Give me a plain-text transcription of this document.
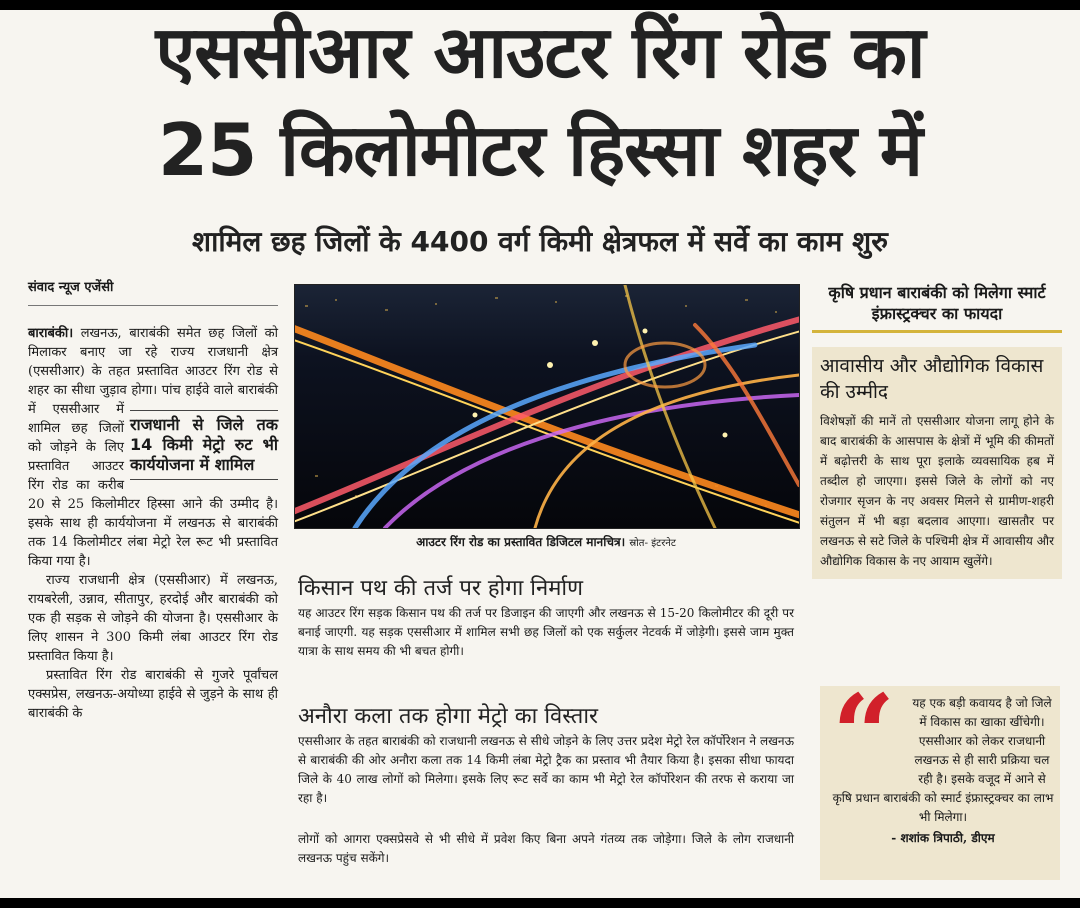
एससीआर आउटर रिंग रोड का
25 किलोमीटर हिस्सा शहर में
शामिल छह जिलों के 4400 वर्ग किमी क्षेत्रफल में सर्वे का काम शुरु
संवाद न्यूज एजेंसी

बाराबंकी। लखनऊ, बाराबंकी समेत छह जिलों को मिलाकर बनाए जा रहे राज्य राजधानी क्षेत्र (एससीआर) के तहत प्रस्तावित आउटर रिंग रोड से शहर का सीधा जुड़ाव होगा। पांच हाईवे वाले
राजधानी से जिले तक 14 किमी मेट्रो रुट भी कार्ययोजना में शामिल
बाराबंकी में एससीआर में शामिल छह जिलों को जोड़ने के लिए प्रस्तावित आउटर रिंग रोड का करीब 20 से 25 किलोमीटर हिस्सा आने की उम्मीद है। इसके साथ ही कार्ययोजना में लखनऊ से बाराबंकी तक 14 किलोमीटर लंबा मेट्रो रेल रूट भी प्रस्तावित किया गया है।

राज्य राजधानी क्षेत्र (एससीआर) में लखनऊ, रायबरेली, उन्नाव, सीतापुर, हरदोई और बाराबंकी को एक ही सड़क से जोड़ने की योजना है। एससीआर के लिए शासन ने 300 किमी लंबा आउटर रिंग रोड प्रस्तावित किया है।

प्रस्तावित रिंग रोड बाराबंकी से गुजरे पूर्वांचल एक्सप्रेस, लखनऊ-अयोध्या हाईवे से जुड़ने के साथ ही बाराबंकी के

आउटर रिंग रोड का प्रस्तावित डिजिटल मानचित्र। स्रोत- इंटरनेट
किसान पथ की तर्ज पर होगा निर्माण

यह आउटर रिंग सड़क किसान पथ की तर्ज पर डिजाइन की जाएगी और लखनऊ से 15-20 किलोमीटर की दूरी पर बनाई जाएगी. यह सड़क एससीआर में शामिल सभी छह जिलों को एक सर्कुलर नेटवर्क में जोड़ेगी। इससे जाम मुक्त यात्रा के साथ समय की भी बचत होगी।

अनौरा कला तक होगा मेट्रो का विस्तार

एससीआर के तहत बाराबंकी को राजधानी लखनऊ से सीधे जोड़ने के लिए उत्तर प्रदेश मेट्रो रेल कॉर्पोरेशन ने लखनऊ से बाराबंकी की ओर अनौरा कला तक 14 किमी लंबा मेट्रो ट्रैक का प्रस्ताव भी तैयार किया है। इसका सीधा फायदा जिले के 40 लाख लोगों को मिलेगा। इसके लिए रूट सर्वे का काम भी मेट्रो रेल कॉर्पोरेशन की तरफ से कराया जा रहा है।

लोगों को आगरा एक्सप्रेसवे से भी सीधे में प्रवेश किए बिना अपने गंतव्य तक जोड़ेगा। जिले के लोग राजधानी लखनऊ पहुंच सकेंगे।

कृषि प्रधान बाराबंकी को मिलेगा स्मार्ट इंफ्रास्ट्रक्चर का फायदा
आवासीय और औद्योगिक विकास की उम्मीद

विशेषज्ञों की मानें तो एससीआर योजना लागू होने के बाद बाराबंकी के आसपास के क्षेत्रों में भूमि की कीमतों में बढ़ोत्तरी के साथ पूरा इलाके व्यवसायिक हब में तब्दील हो जाएगा। इससे जिले के लोगों को नए रोजगार सृजन के नए अवसर मिलने से ग्रामीण-शहरी संतुलन में भी बड़ा बदलाव आएगा। खासतौर पर लखनऊ से सटे जिले के पश्चिमी क्षेत्र में आवासीय और औद्योगिक विकास के नए आयाम खुलेंगे।

यह एक बड़ी कवायद है जो जिले में विकास का खाका खींचेगी। एससीआर को लेकर राजधानी लखनऊ से ही सारी प्रक्रिया चल रही है। इसके वजूद में आने से कृषि प्रधान बाराबंकी को स्मार्ट इंफ्रास्ट्रक्चर का लाभ भी मिलेगा।
- शशांक त्रिपाठी, डीएम

“
